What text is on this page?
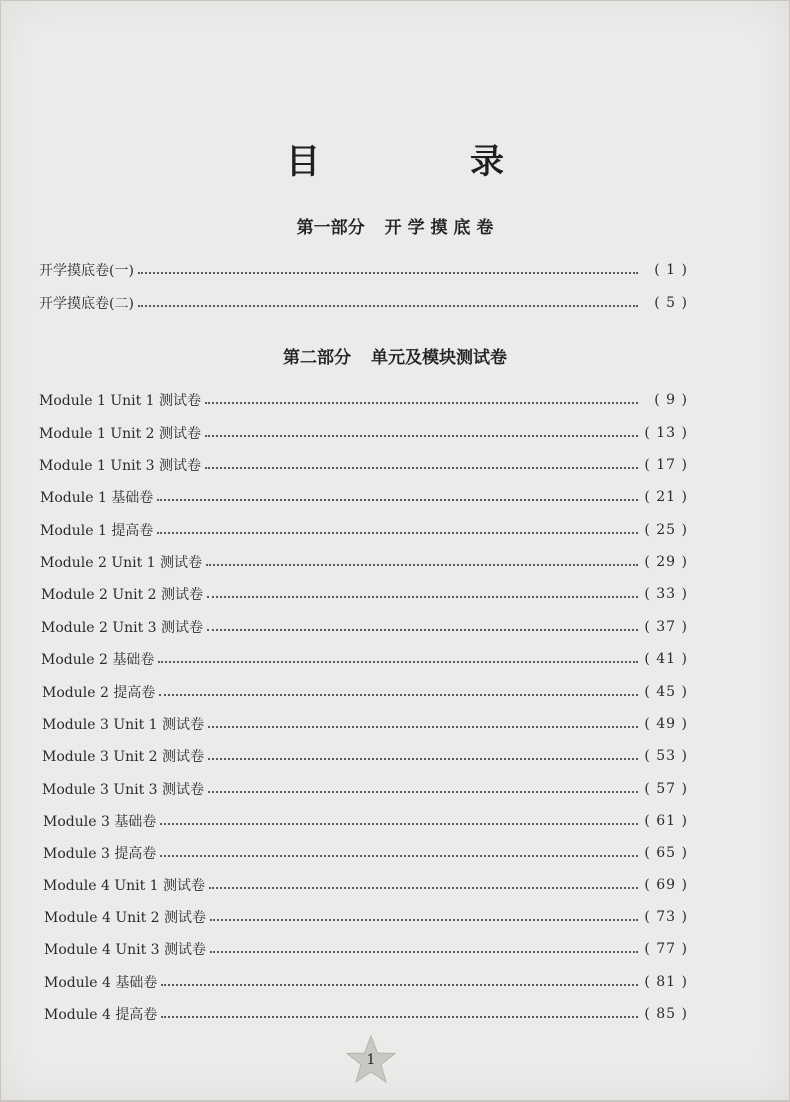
目　录
第一部分 开 学 摸 底 卷
开学摸底卷(一)	( 1 )
开学摸底卷(二)	( 5 )
第二部分 单元及模块测试卷
Module 1 Unit 1 测试卷	( 9 )
Module 1 Unit 2 测试卷	( 13 )
Module 1 Unit 3 测试卷	( 17 )
Module 1 基础卷	( 21 )
Module 1 提高卷	( 25 )
Module 2 Unit 1 测试卷	( 29 )
Module 2 Unit 2 测试卷	( 33 )
Module 2 Unit 3 测试卷	( 37 )
Module 2 基础卷	( 41 )
Module 2 提高卷	( 45 )
Module 3 Unit 1 测试卷	( 49 )
Module 3 Unit 2 测试卷	( 53 )
Module 3 Unit 3 测试卷	( 57 )
Module 3 基础卷	( 61 )
Module 3 提高卷	( 65 )
Module 4 Unit 1 测试卷	( 69 )
Module 4 Unit 2 测试卷	( 73 )
Module 4 Unit 3 测试卷	( 77 )
Module 4 基础卷	( 81 )
Module 4 提高卷	( 85 )
1
